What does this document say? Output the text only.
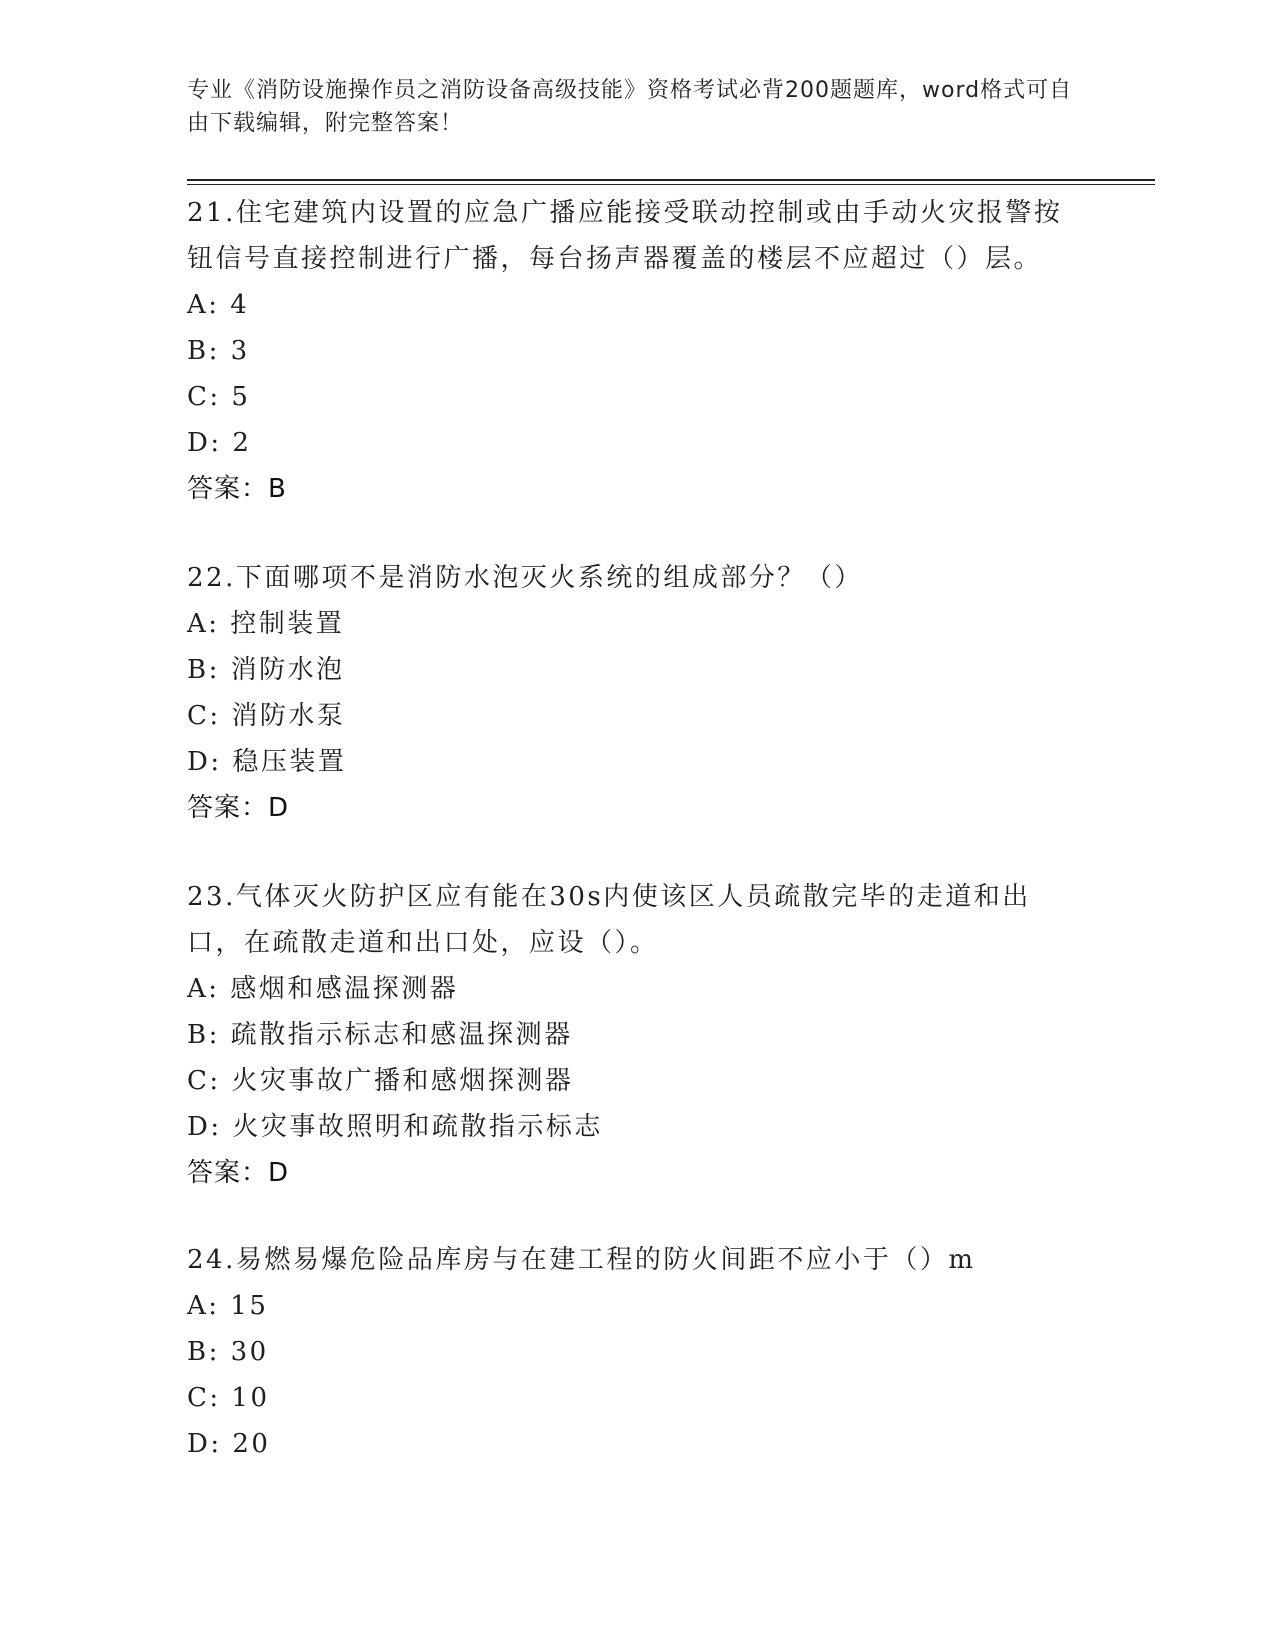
专业《消防设施操作员之消防设备高级技能》资格考试必背200题题库，word格式可自由下载编辑，附完整答案！

21.住宅建筑内设置的应急广播应能接受联动控制或由手动火灾报警按钮信号直接控制进行广播，每台扬声器覆盖的楼层不应超过（）层。

A: 4

B: 3

C: 5

D: 2

答案：B

22.下面哪项不是消防水泡灭火系统的组成部分？（）

A: 控制装置

B: 消防水泡

C: 消防水泵

D: 稳压装置

答案：D

23.气体灭火防护区应有能在30s内使该区人员疏散完毕的走道和出口，在疏散走道和出口处，应设（）。

A: 感烟和感温探测器

B: 疏散指示标志和感温探测器

C: 火灾事故广播和感烟探测器

D: 火灾事故照明和疏散指示标志

答案：D

24.易燃易爆危险品库房与在建工程的防火间距不应小于（）m

A: 15

B: 30

C: 10

D: 20
